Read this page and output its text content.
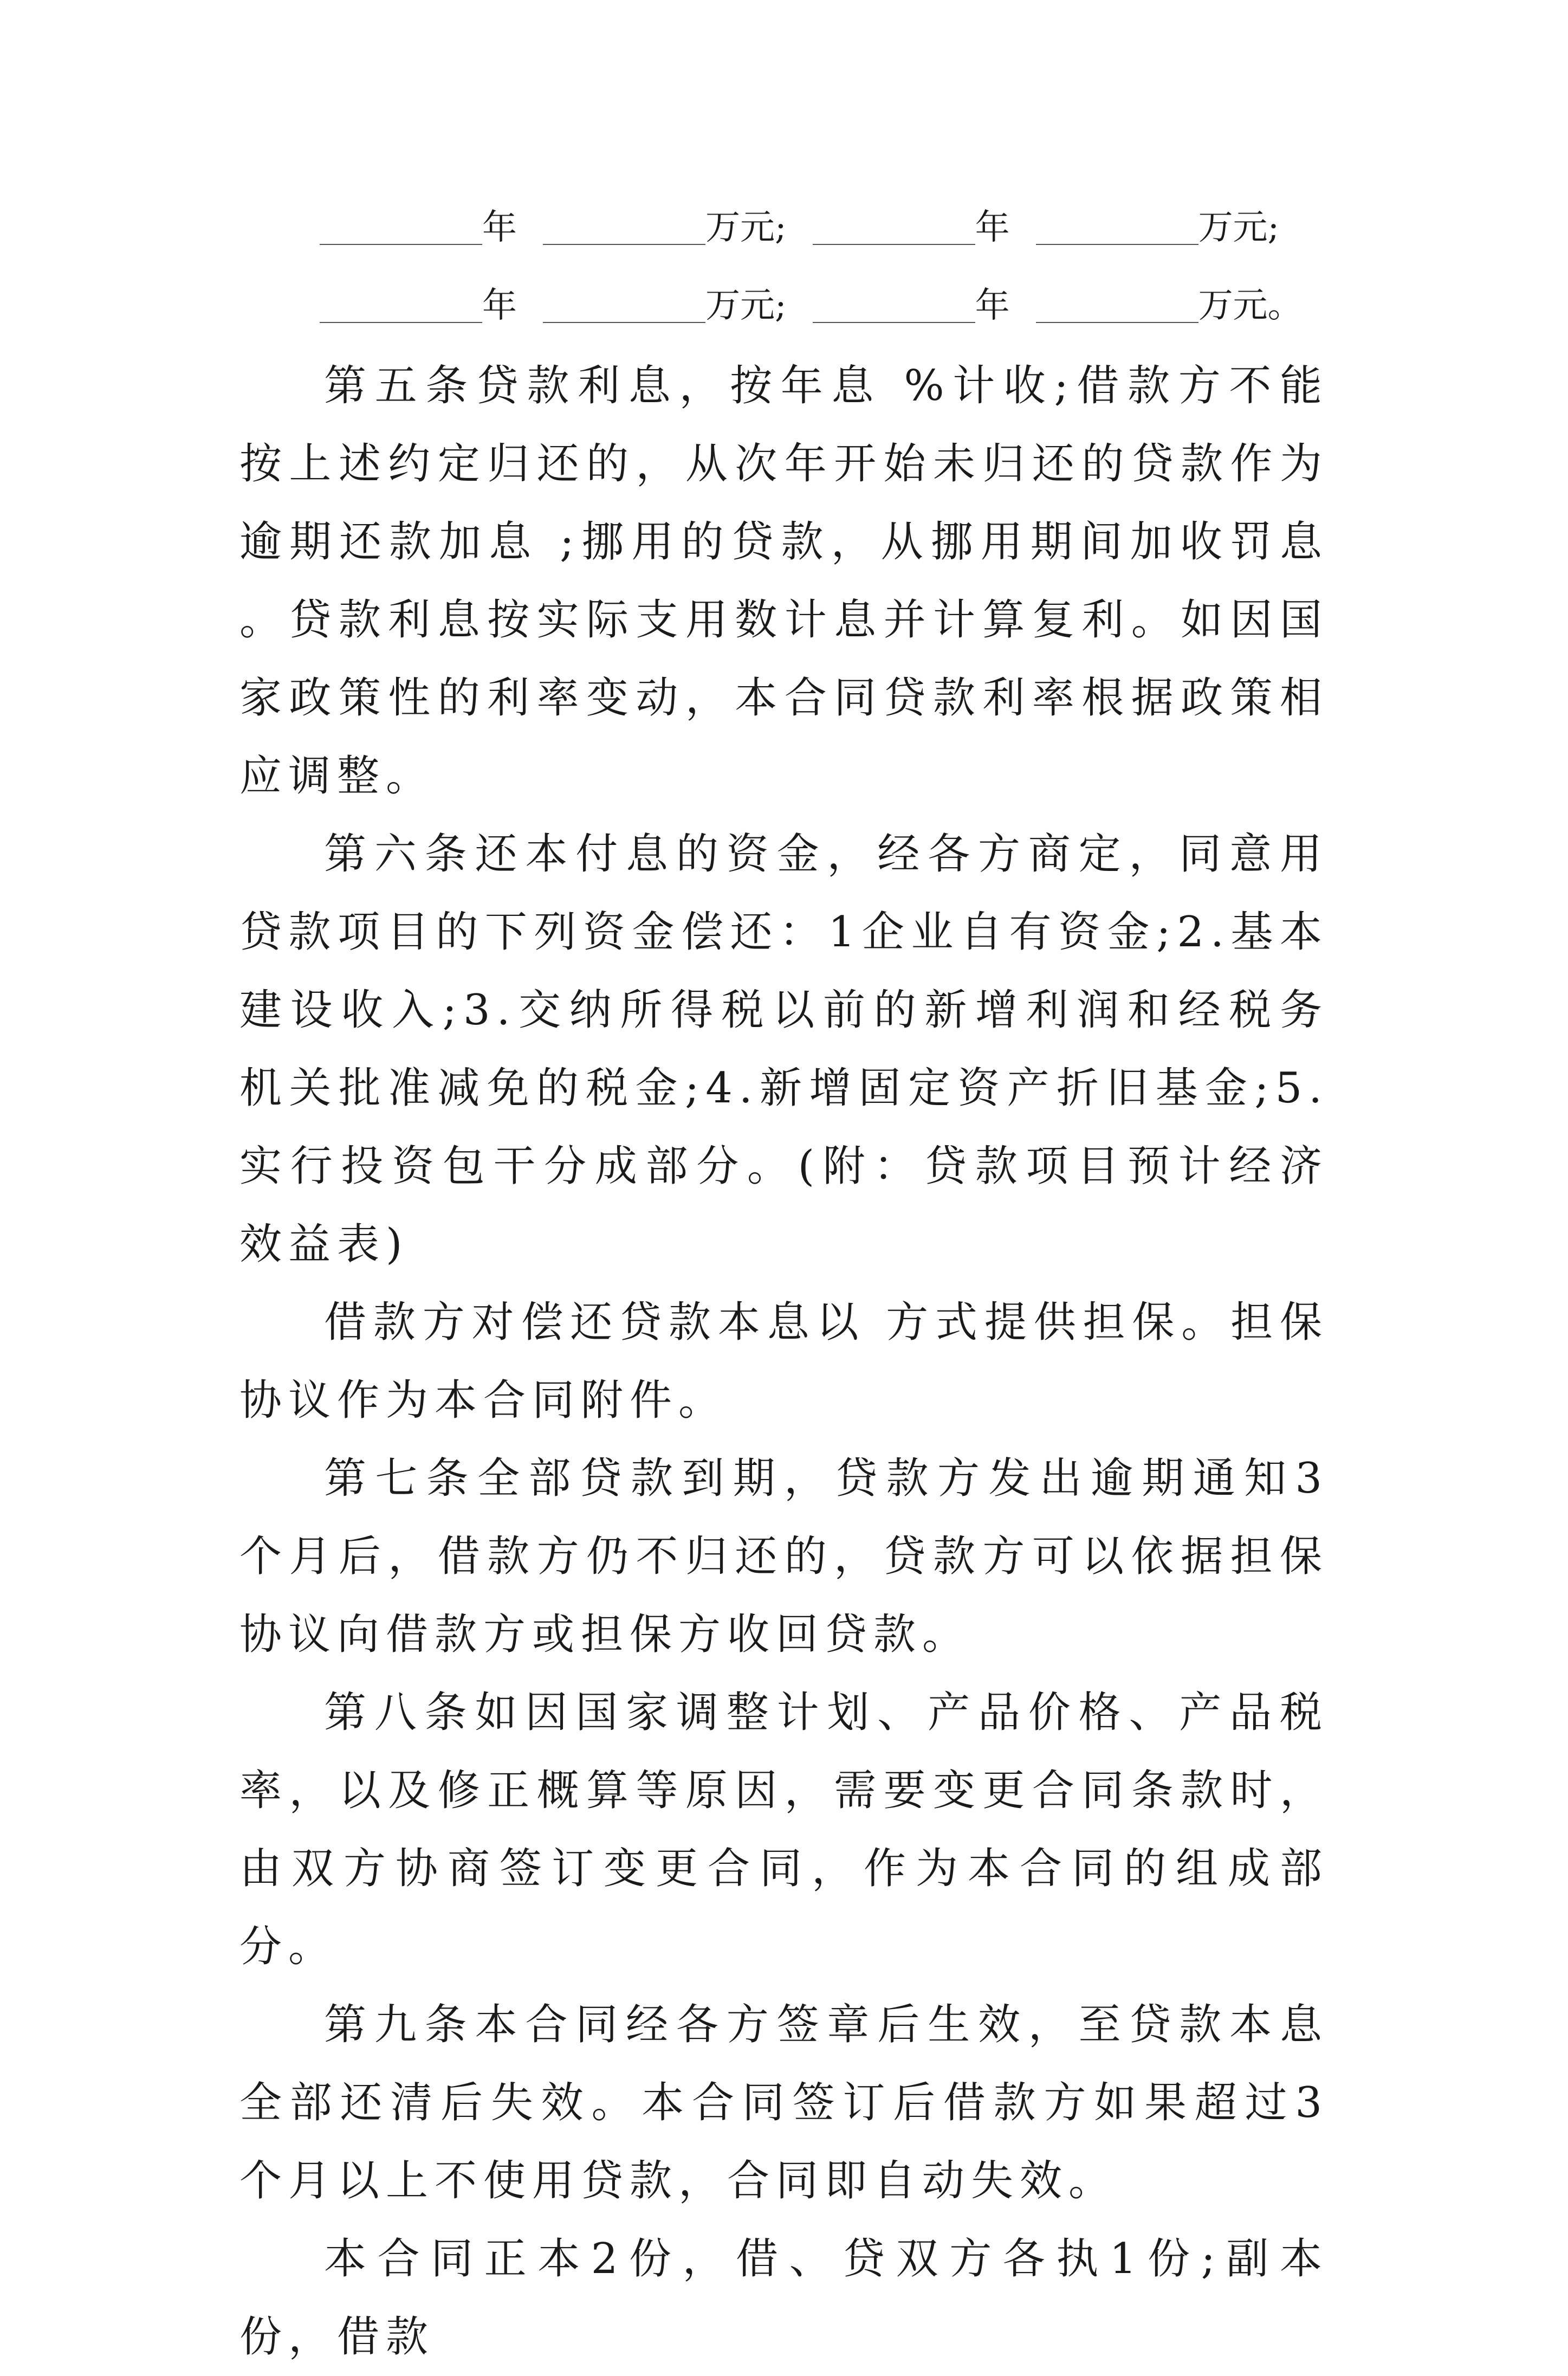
年	万元;	年	万元;
年	万元;	年	万元。

第五条贷款利息，按年息 %计收;借款方不能按上述约定归还的，从次年开始未归还的贷款作为逾期还款加息 ;挪用的贷款，从挪用期间加收罚息 。贷款利息按实际支用数计息并计算复利。如因国家政策性的利率变动，本合同贷款利率根据政策相应调整。

第六条还本付息的资金，经各方商定，同意用贷款项目的下列资金偿还：1企业自有资金;2.基本建设收入;3.交纳所得税以前的新增利润和经税务机关批准减免的税金;4.新增固定资产折旧基金;5.实行投资包干分成部分。(附：贷款项目预计经济效益表)

借款方对偿还贷款本息以 方式提供担保。担保协议作为本合同附件。

第七条全部贷款到期，贷款方发出逾期通知3个月后，借款方仍不归还的，贷款方可以依据担保协议向借款方或担保方收回贷款。

第八条如因国家调整计划、产品价格、产品税率，以及修正概算等原因，需要变更合同条款时，由双方协商签订变更合同，作为本合同的组成部分。

第九条本合同经各方签章后生效，至贷款本息全部还清后失效。本合同签订后借款方如果超过3个月以上不使用贷款，合同即自动失效。

本合同正本2份，借、贷双方各执1份;副本 份，借款
